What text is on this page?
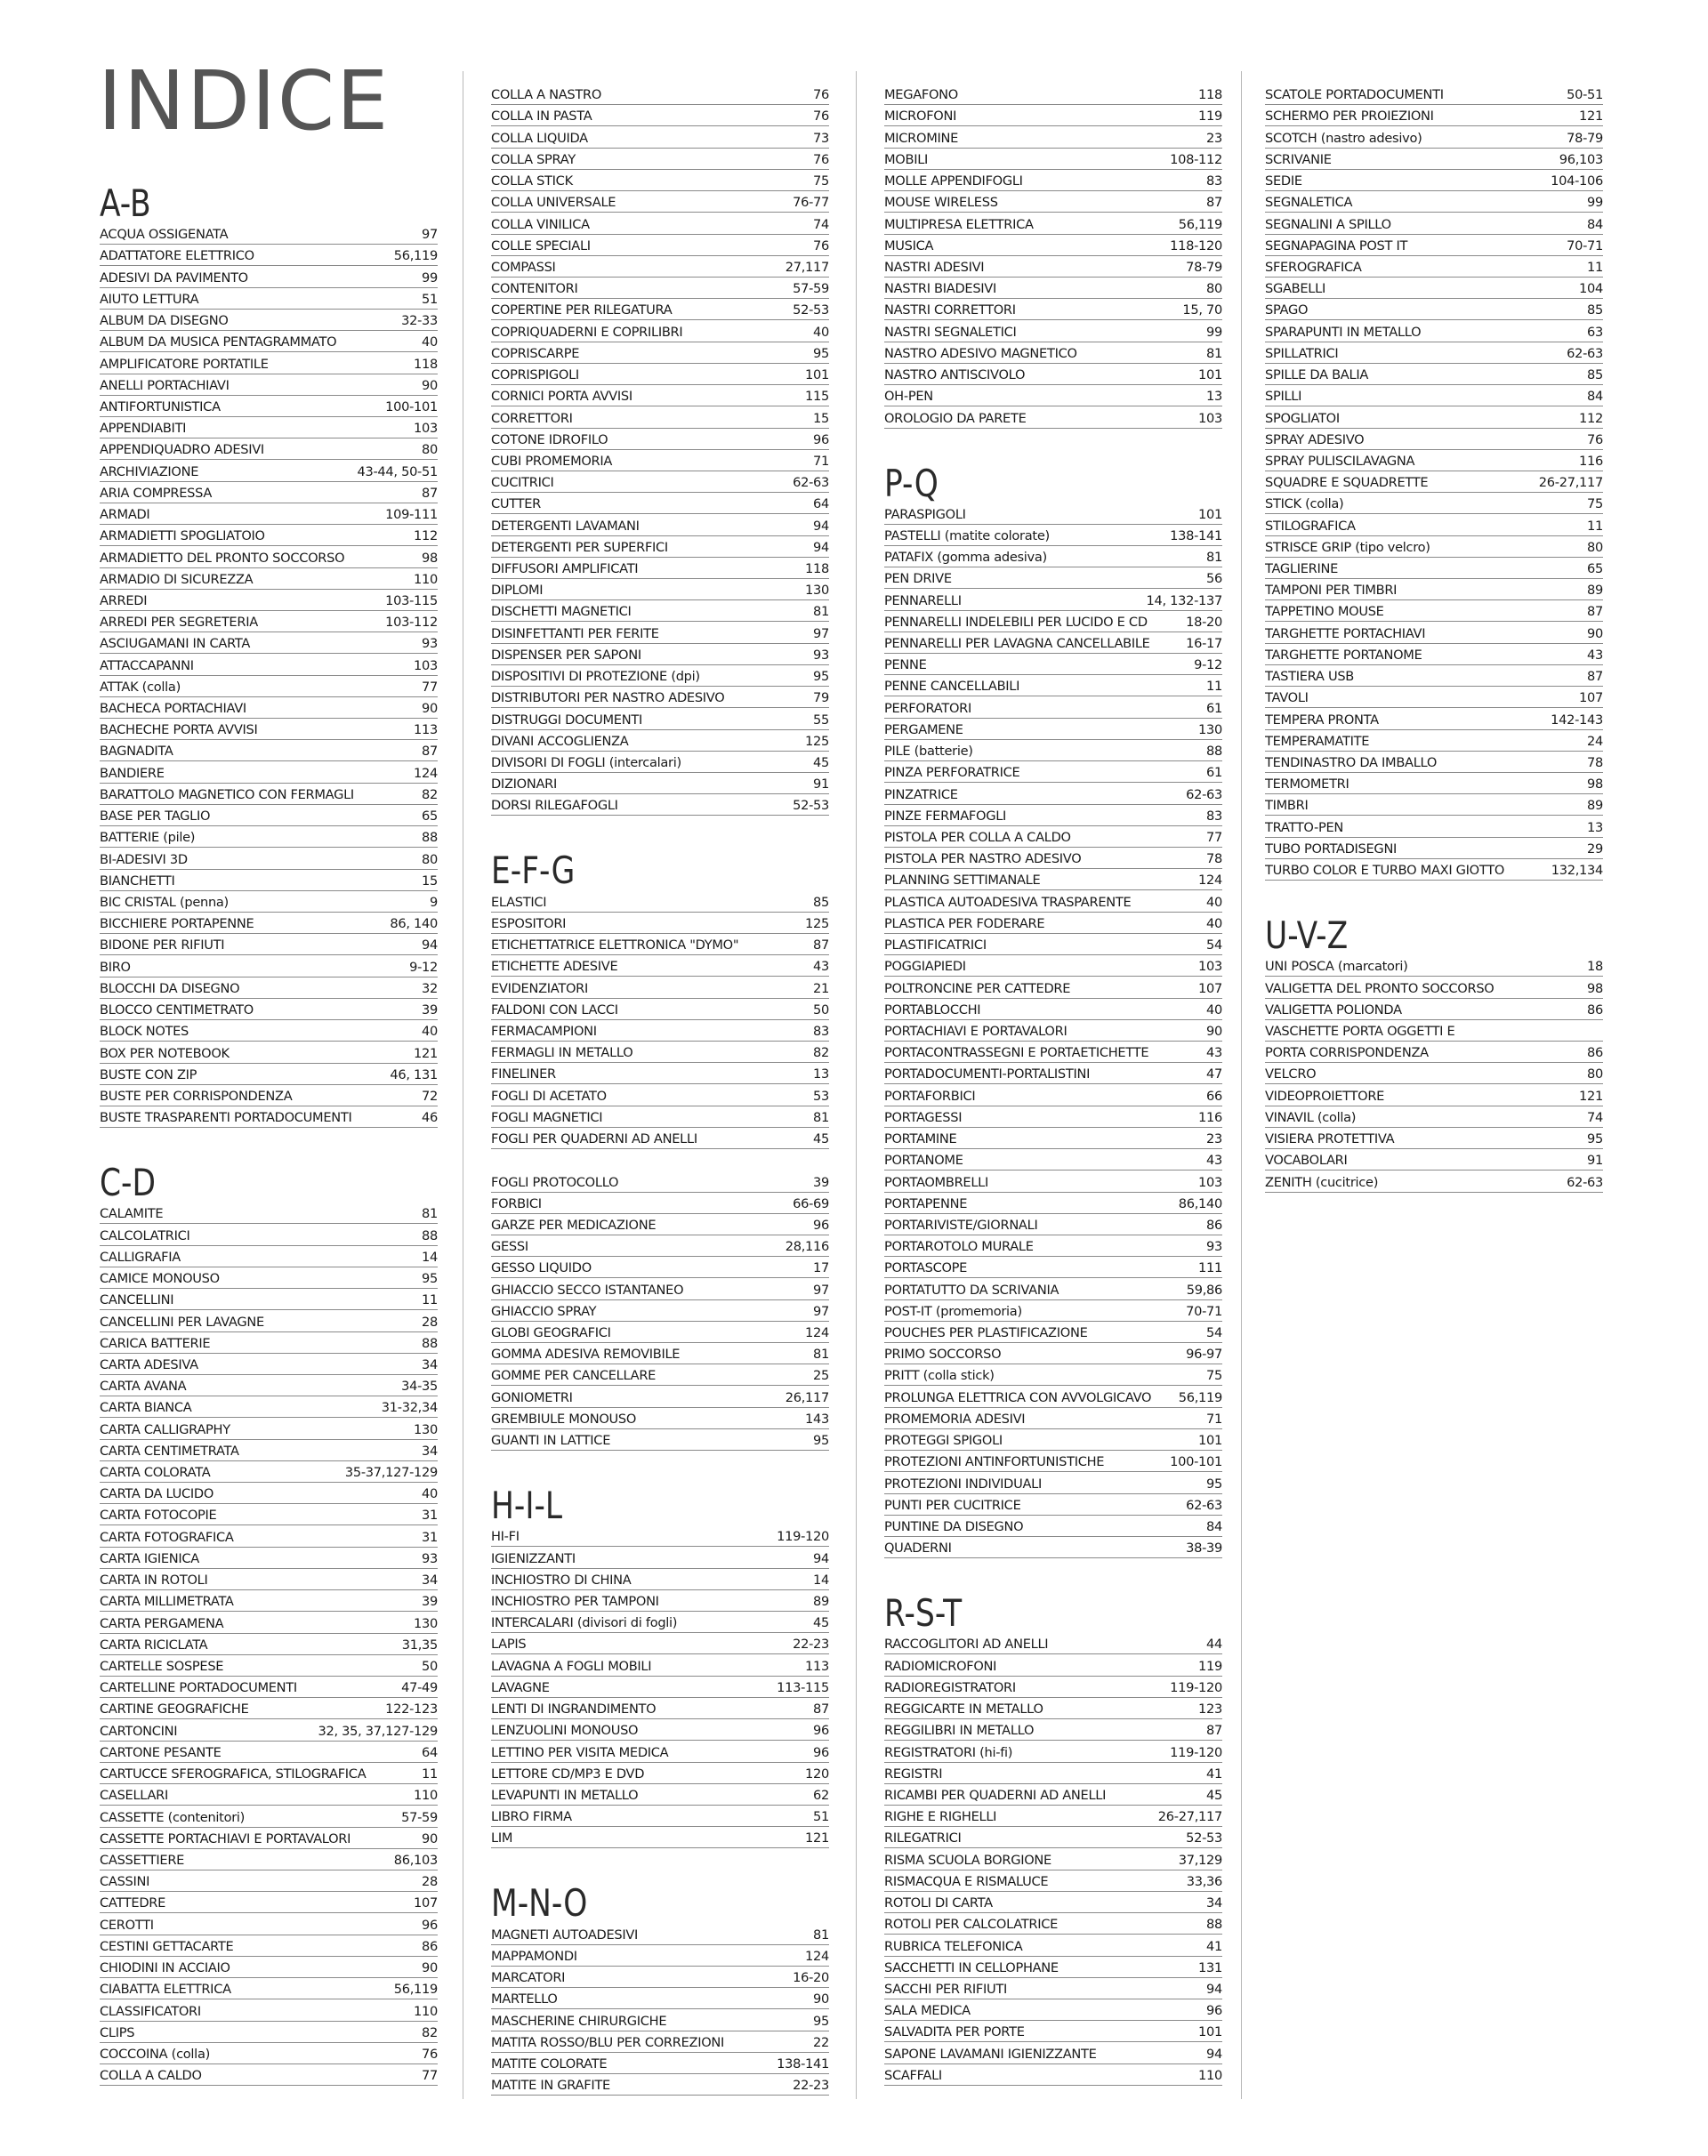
INDICE
A-B
ACQUA OSSIGENATA	97
ADATTATORE ELETTRICO	56,119
ADESIVI DA PAVIMENTO	99
AIUTO LETTURA	51
ALBUM DA DISEGNO	32-33
ALBUM DA MUSICA PENTAGRAMMATO	40
AMPLIFICATORE PORTATILE	118
ANELLI PORTACHIAVI	90
ANTIFORTUNISTICA	100-101
APPENDIABITI	103
APPENDIQUADRO ADESIVI	80
ARCHIVIAZIONE	43-44, 50-51
ARIA COMPRESSA	87
ARMADI	109-111
ARMADIETTI SPOGLIATOIO	112
ARMADIETTO DEL PRONTO SOCCORSO	98
ARMADIO DI SICUREZZA	110
ARREDI	103-115
ARREDI PER SEGRETERIA	103-112
ASCIUGAMANI IN CARTA	93
ATTACCAPANNI	103
ATTAK (colla)	77
BACHECA PORTACHIAVI	90
BACHECHE PORTA AVVISI	113
BAGNADITA	87
BANDIERE	124
BARATTOLO MAGNETICO CON FERMAGLI	82
BASE PER TAGLIO	65
BATTERIE (pile)	88
BI-ADESIVI 3D	80
BIANCHETTI	15
BIC CRISTAL (penna)	9
BICCHIERE PORTAPENNE	86, 140
BIDONE PER RIFIUTI	94
BIRO	9-12
BLOCCHI DA DISEGNO	32
BLOCCO CENTIMETRATO	39
BLOCK NOTES	40
BOX PER NOTEBOOK	121
BUSTE CON ZIP	46, 131
BUSTE PER CORRISPONDENZA	72
BUSTE TRASPARENTI PORTADOCUMENTI	46
C-D
CALAMITE	81
CALCOLATRICI	88
CALLIGRAFIA	14
CAMICE MONOUSO	95
CANCELLINI	11
CANCELLINI PER LAVAGNE	28
CARICA BATTERIE	88
CARTA ADESIVA	34
CARTA AVANA	34-35
CARTA BIANCA	31-32,34
CARTA CALLIGRAPHY	130
CARTA CENTIMETRATA	34
CARTA COLORATA	35-37,127-129
CARTA DA LUCIDO	40
CARTA FOTOCOPIE	31
CARTA FOTOGRAFICA	31
CARTA IGIENICA	93
CARTA IN ROTOLI	34
CARTA MILLIMETRATA	39
CARTA PERGAMENA	130
CARTA RICICLATA	31,35
CARTELLE SOSPESE	50
CARTELLINE PORTADOCUMENTI	47-49
CARTINE GEOGRAFICHE	122-123
CARTONCINI	32, 35, 37,127-129
CARTONE PESANTE	64
CARTUCCE SFEROGRAFICA, STILOGRAFICA	11
CASELLARI	110
CASSETTE (contenitori)	57-59
CASSETTE PORTACHIAVI E PORTAVALORI	90
CASSETTIERE	86,103
CASSINI	28
CATTEDRE	107
CEROTTI	96
CESTINI GETTACARTE	86
CHIODINI IN ACCIAIO	90
CIABATTA ELETTRICA	56,119
CLASSIFICATORI	110
CLIPS	82
COCCOINA (colla)	76
COLLA A CALDO	77
COLLA A NASTRO	76
COLLA IN PASTA	76
COLLA LIQUIDA	73
COLLA SPRAY	76
COLLA STICK	75
COLLA UNIVERSALE	76-77
COLLA VINILICA	74
COLLE SPECIALI	76
COMPASSI	27,117
CONTENITORI	57-59
COPERTINE PER RILEGATURA	52-53
COPRIQUADERNI E COPRILIBRI	40
COPRISCARPE	95
COPRISPIGOLI	101
CORNICI PORTA AVVISI	115
CORRETTORI	15
COTONE IDROFILO	96
CUBI PROMEMORIA	71
CUCITRICI	62-63
CUTTER	64
DETERGENTI LAVAMANI	94
DETERGENTI PER SUPERFICI	94
DIFFUSORI AMPLIFICATI	118
DIPLOMI	130
DISCHETTI MAGNETICI	81
DISINFETTANTI PER FERITE	97
DISPENSER PER SAPONI	93
DISPOSITIVI DI PROTEZIONE (dpi)	95
DISTRIBUTORI PER NASTRO ADESIVO	79
DISTRUGGI DOCUMENTI	55
DIVANI ACCOGLIENZA	125
DIVISORI DI FOGLI (intercalari)	45
DIZIONARI	91
DORSI RILEGAFOGLI	52-53
E-F-G
ELASTICI	85
ESPOSITORI	125
ETICHETTATRICE ELETTRONICA "DYMO"	87
ETICHETTE ADESIVE	43
EVIDENZIATORI	21
FALDONI CON LACCI	50
FERMACAMPIONI	83
FERMAGLI IN METALLO	82
FINELINER	13
FOGLI DI ACETATO	53
FOGLI MAGNETICI	81
FOGLI PER QUADERNI AD ANELLI	45
FOGLI PROTOCOLLO	39
FORBICI	66-69
GARZE PER MEDICAZIONE	96
GESSI	28,116
GESSO LIQUIDO	17
GHIACCIO SECCO ISTANTANEO	97
GHIACCIO SPRAY	97
GLOBI GEOGRAFICI	124
GOMMA ADESIVA REMOVIBILE	81
GOMME PER CANCELLARE	25
GONIOMETRI	26,117
GREMBIULE MONOUSO	143
GUANTI IN LATTICE	95
H-I-L
HI-FI	119-120
IGIENIZZANTI	94
INCHIOSTRO DI CHINA	14
INCHIOSTRO PER TAMPONI	89
INTERCALARI (divisori di fogli)	45
LAPIS	22-23
LAVAGNA A FOGLI MOBILI	113
LAVAGNE	113-115
LENTI DI INGRANDIMENTO	87
LENZUOLINI MONOUSO	96
LETTINO PER VISITA MEDICA	96
LETTORE CD/MP3 E DVD	120
LEVAPUNTI IN METALLO	62
LIBRO FIRMA	51
LIM	121
M-N-O
MAGNETI AUTOADESIVI	81
MAPPAMONDI	124
MARCATORI	16-20
MARTELLO	90
MASCHERINE CHIRURGICHE	95
MATITA ROSSO/BLU PER CORREZIONI	22
MATITE COLORATE	138-141
MATITE IN GRAFITE	22-23
MEGAFONO	118
MICROFONI	119
MICROMINE	23
MOBILI	108-112
MOLLE APPENDIFOGLI	83
MOUSE WIRELESS	87
MULTIPRESA ELETTRICA	56,119
MUSICA	118-120
NASTRI ADESIVI	78-79
NASTRI BIADESIVI	80
NASTRI CORRETTORI	15, 70
NASTRI SEGNALETICI	99
NASTRO ADESIVO MAGNETICO	81
NASTRO ANTISCIVOLO	101
OH-PEN	13
OROLOGIO DA PARETE	103
P-Q
PARASPIGOLI	101
PASTELLI (matite colorate)	138-141
PATAFIX (gomma adesiva)	81
PEN DRIVE	56
PENNARELLI	14, 132-137
PENNARELLI INDELEBILI PER LUCIDO E CD	18-20
PENNARELLI PER LAVAGNA CANCELLABILE	16-17
PENNE	9-12
PENNE CANCELLABILI	11
PERFORATORI	61
PERGAMENE	130
PILE (batterie)	88
PINZA PERFORATRICE	61
PINZATRICE	62-63
PINZE FERMAFOGLI	83
PISTOLA PER COLLA A CALDO	77
PISTOLA PER NASTRO ADESIVO	78
PLANNING SETTIMANALE	124
PLASTICA AUTOADESIVA TRASPARENTE	40
PLASTICA PER FODERARE	40
PLASTIFICATRICI	54
POGGIAPIEDI	103
POLTRONCINE PER CATTEDRE	107
PORTABLOCCHI	40
PORTACHIAVI E PORTAVALORI	90
PORTACONTRASSEGNI E PORTAETICHETTE	43
PORTADOCUMENTI-PORTALISTINI	47
PORTAFORBICI	66
PORTAGESSI	116
PORTAMINE	23
PORTANOME	43
PORTAOMBRELLI	103
PORTAPENNE	86,140
PORTARIVISTE/GIORNALI	86
PORTAROTOLO MURALE	93
PORTASCOPE	111
PORTATUTTO DA SCRIVANIA	59,86
POST-IT (promemoria)	70-71
POUCHES PER PLASTIFICAZIONE	54
PRIMO SOCCORSO	96-97
PRITT (colla stick)	75
PROLUNGA ELETTRICA CON AVVOLGICAVO	56,119
PROMEMORIA ADESIVI	71
PROTEGGI SPIGOLI	101
PROTEZIONI ANTINFORTUNISTICHE	100-101
PROTEZIONI INDIVIDUALI	95
PUNTI PER CUCITRICE	62-63
PUNTINE DA DISEGNO	84
QUADERNI	38-39
R-S-T
RACCOGLITORI AD ANELLI	44
RADIOMICROFONI	119
RADIOREGISTRATORI	119-120
REGGICARTE IN METALLO	123
REGGILIBRI IN METALLO	87
REGISTRATORI (hi-fi)	119-120
REGISTRI	41
RICAMBI PER QUADERNI AD ANELLI	45
RIGHE E RIGHELLI	26-27,117
RILEGATRICI	52-53
RISMA SCUOLA BORGIONE	37,129
RISMACQUA E RISMALUCE	33,36
ROTOLI DI CARTA	34
ROTOLI PER CALCOLATRICE	88
RUBRICA TELEFONICA	41
SACCHETTI IN CELLOPHANE	131
SACCHI PER RIFIUTI	94
SALA MEDICA	96
SALVADITA PER PORTE	101
SAPONE LAVAMANI IGIENIZZANTE	94
SCAFFALI	110
SCATOLE PORTADOCUMENTI	50-51
SCHERMO PER PROIEZIONI	121
SCOTCH (nastro adesivo)	78-79
SCRIVANIE	96,103
SEDIE	104-106
SEGNALETICA	99
SEGNALINI A SPILLO	84
SEGNAPAGINA POST IT	70-71
SFEROGRAFICA	11
SGABELLI	104
SPAGO	85
SPARAPUNTI IN METALLO	63
SPILLATRICI	62-63
SPILLE DA BALIA	85
SPILLI	84
SPOGLIATOI	112
SPRAY ADESIVO	76
SPRAY PULISCILAVAGNA	116
SQUADRE E SQUADRETTE	26-27,117
STICK (colla)	75
STILOGRAFICA	11
STRISCE GRIP (tipo velcro)	80
TAGLIERINE	65
TAMPONI PER TIMBRI	89
TAPPETINO MOUSE	87
TARGHETTE PORTACHIAVI	90
TARGHETTE PORTANOME	43
TASTIERA USB	87
TAVOLI	107
TEMPERA PRONTA	142-143
TEMPERAMATITE	24
TENDINASTRO DA IMBALLO	78
TERMOMETRI	98
TIMBRI	89
TRATTO-PEN	13
TUBO PORTADISEGNI	29
TURBO COLOR E TURBO MAXI GIOTTO	132,134
U-V-Z
UNI POSCA (marcatori)	18
VALIGETTA DEL PRONTO SOCCORSO	98
VALIGETTA POLIONDA	86
VASCHETTE PORTA OGGETTI E
PORTA CORRISPONDENZA	86
VELCRO	80
VIDEOPROIETTORE	121
VINAVIL (colla)	74
VISIERA PROTETTIVA	95
VOCABOLARI	91
ZENITH (cucitrice)	62-63
